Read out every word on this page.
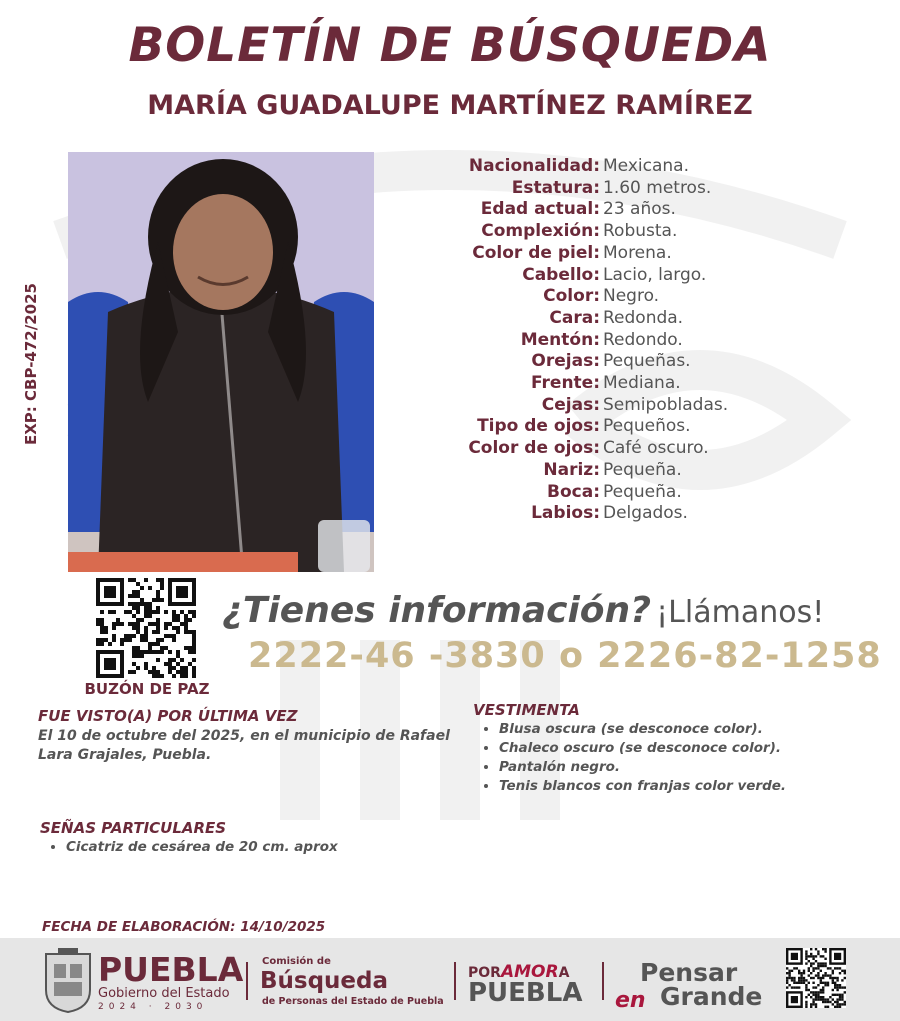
BOLETÍN DE BÚSQUEDA
MARÍA GUADALUPE MARTÍNEZ RAMÍREZ
EXP: CBP-472/2025
Nacionalidad: Mexicana.
Estatura: 1.60 metros.
Edad actual: 23 años.
Complexión: Robusta.
Color de piel: Morena.
Cabello: Lacio, largo.
Color: Negro.
Cara: Redonda.
Mentón: Redondo.
Orejas: Pequeñas.
Frente: Mediana.
Cejas: Semipobladas.
Tipo de ojos: Pequeños.
Color de ojos: Café oscuro.
Nariz: Pequeña.
Boca: Pequeña.
Labios: Delgados.
BUZÓN DE PAZ
¿Tienes información? ¡Llámanos!
2222-46 -3830 o 2226-82-1258
FUE VISTO(A) POR ÚLTIMA VEZ
El 10 de octubre del 2025, en el municipio de Rafael Lara Grajales, Puebla.
VESTIMENTA
• Blusa oscura (se desconoce color).
• Chaleco oscuro (se desconoce color).
• Pantalón negro.
• Tenis blancos con franjas color verde.
SEÑAS PARTICULARES
• Cicatriz de cesárea de 20 cm. aprox
FECHA DE ELABORACIÓN: 14/10/2025
PUEBLA
Gobierno del Estado
2024 · 2030
Comisión de
Búsqueda
de Personas del Estado de Puebla
PORAMORA
PUEBLA
Pensar
en Grande
